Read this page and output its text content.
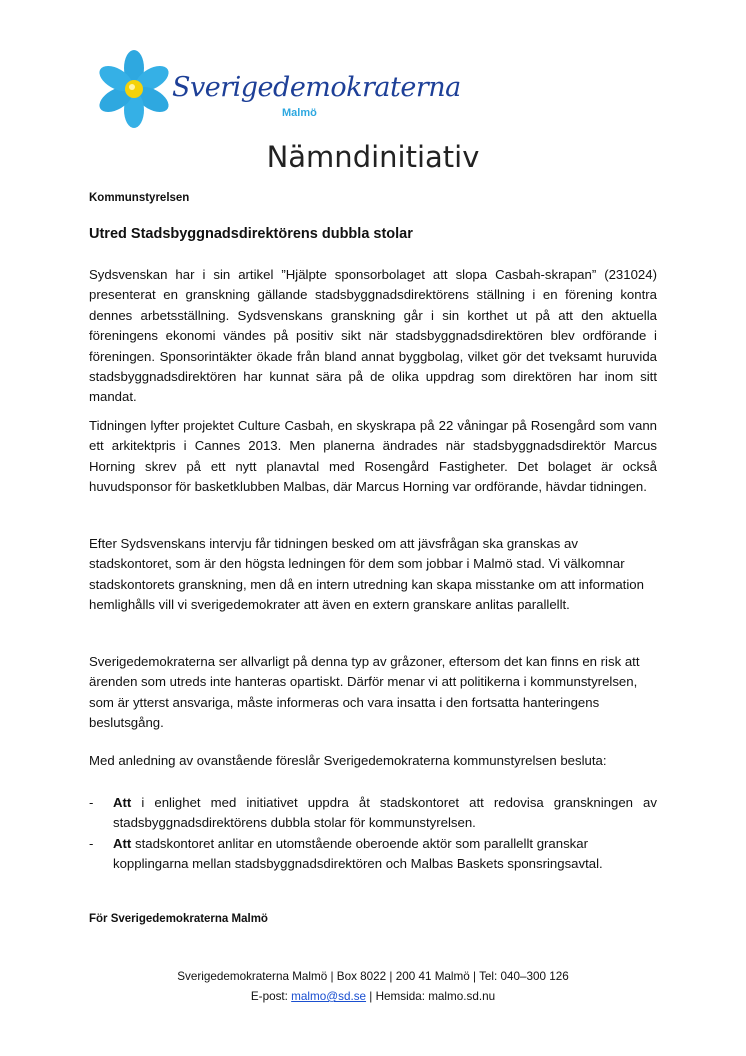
Sverigedemokraterna
Malmö
Nämndinitiativ
Kommunstyrelsen
Utred Stadsbyggnadsdirektörens dubbla stolar

Sydsvenskan har i sin artikel ”Hjälpte sponsorbolaget att slopa Casbah-skrapan” (231024) presenterat en granskning gällande stadsbyggnadsdirektörens ställning i en förening kontra dennes arbetsställning. Sydsvenskans granskning går i sin korthet ut på att den aktuella föreningens ekonomi vändes på positiv sikt när stadsbyggnadsdirektören blev ordförande i föreningen. Sponsorintäkter ökade från bland annat byggbolag, vilket gör det tveksamt huruvida stadsbyggnadsdirektören har kunnat sära på de olika uppdrag som direktören har inom sitt mandat.

Tidningen lyfter projektet Culture Casbah, en skyskrapa på 22 våningar på Rosengård som vann ett arkitektpris i Cannes 2013. Men planerna ändrades när stadsbyggnadsdirektör Marcus Horning skrev på ett nytt planavtal med Rosengård Fastigheter. Det bolaget är också huvudsponsor för basketklubben Malbas, där Marcus Horning var ordförande, hävdar tidningen.

Efter Sydsvenskans intervju får tidningen besked om att jävsfrågan ska granskas av stadskontoret, som är den högsta ledningen för dem som jobbar i Malmö stad. Vi välkomnar stadskontorets granskning, men då en intern utredning kan skapa misstanke om att information hemlighålls vill vi sverigedemokrater att även en extern granskare anlitas parallellt.

Sverigedemokraterna ser allvarligt på denna typ av gråzoner, eftersom det kan finns en risk att ärenden som utreds inte hanteras opartiskt. Därför menar vi att politikerna i kommunstyrelsen, som är ytterst ansvariga, måste informeras och vara insatta i den fortsatta hanteringens beslutsgång.

Med anledning av ovanstående föreslår Sverigedemokraterna kommunstyrelsen besluta:

-	Att i enlighet med initiativet uppdra åt stadskontoret att redovisa granskningen av stadsbyggnadsdirektörens dubbla stolar för kommunstyrelsen.
-	Att stadskontoret anlitar en utomstående oberoende aktör som parallellt granskar kopplingarna mellan stadsbyggnadsdirektören och Malbas Baskets sponsringsavtal.
För Sverigedemokraterna Malmö
Sverigedemokraterna Malmö | Box 8022 | 200 41 Malmö | Tel: 040–300 126
E-post: malmo@sd.se | Hemsida: malmo.sd.nu
